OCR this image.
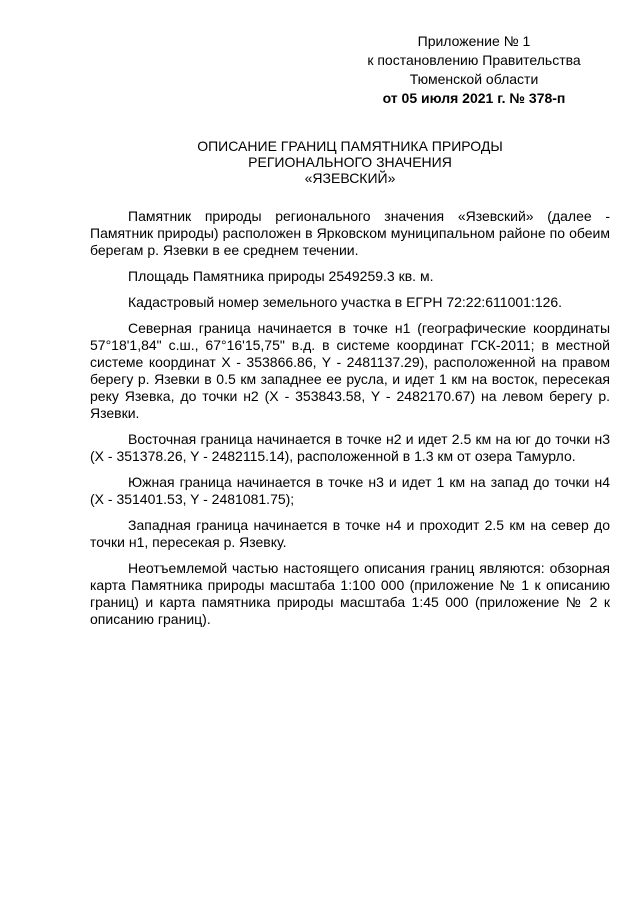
Приложение № 1
к постановлению Правительства
Тюменской области
от 05 июля 2021 г. № 378-п
ОПИСАНИЕ ГРАНИЦ ПАМЯТНИКА ПРИРОДЫ
РЕГИОНАЛЬНОГО ЗНАЧЕНИЯ
«ЯЗЕВСКИЙ»

Памятник природы регионального значения «Язевский» (далее - Памятник природы) расположен в Ярковском муниципальном районе по обеим берегам р. Язевки в ее среднем течении.

Площадь Памятника природы 2549259.3 кв. м.

Кадастровый номер земельного участка в ЕГРН 72:22:611001:126.

Северная граница начинается в точке н1 (географические координаты 57°18'1,84" с.ш., 67°16'15,75" в.д. в системе координат ГСК-2011; в местной системе координат X - 353866.86, Y - 2481137.29), расположенной на правом берегу р. Язевки в 0.5 км западнее ее русла, и идет 1 км на восток, пересекая реку Язевка, до точки н2 (X - 353843.58, Y - 2482170.67) на левом берегу р. Язевки.

Восточная граница начинается в точке н2 и идет 2.5 км на юг до точки н3 (X - 351378.26, Y - 2482115.14), расположенной в 1.3 км от озера Тамурло.

Южная граница начинается в точке н3 и идет 1 км на запад до точки н4 (X - 351401.53, Y - 2481081.75);

Западная граница начинается в точке н4 и проходит 2.5 км на север до точки н1, пересекая р. Язевку.

Неотъемлемой частью настоящего описания границ являются: обзорная карта Памятника природы масштаба 1:100 000 (приложение № 1 к описанию границ) и карта памятника природы масштаба 1:45 000 (приложение № 2 к описанию границ).
